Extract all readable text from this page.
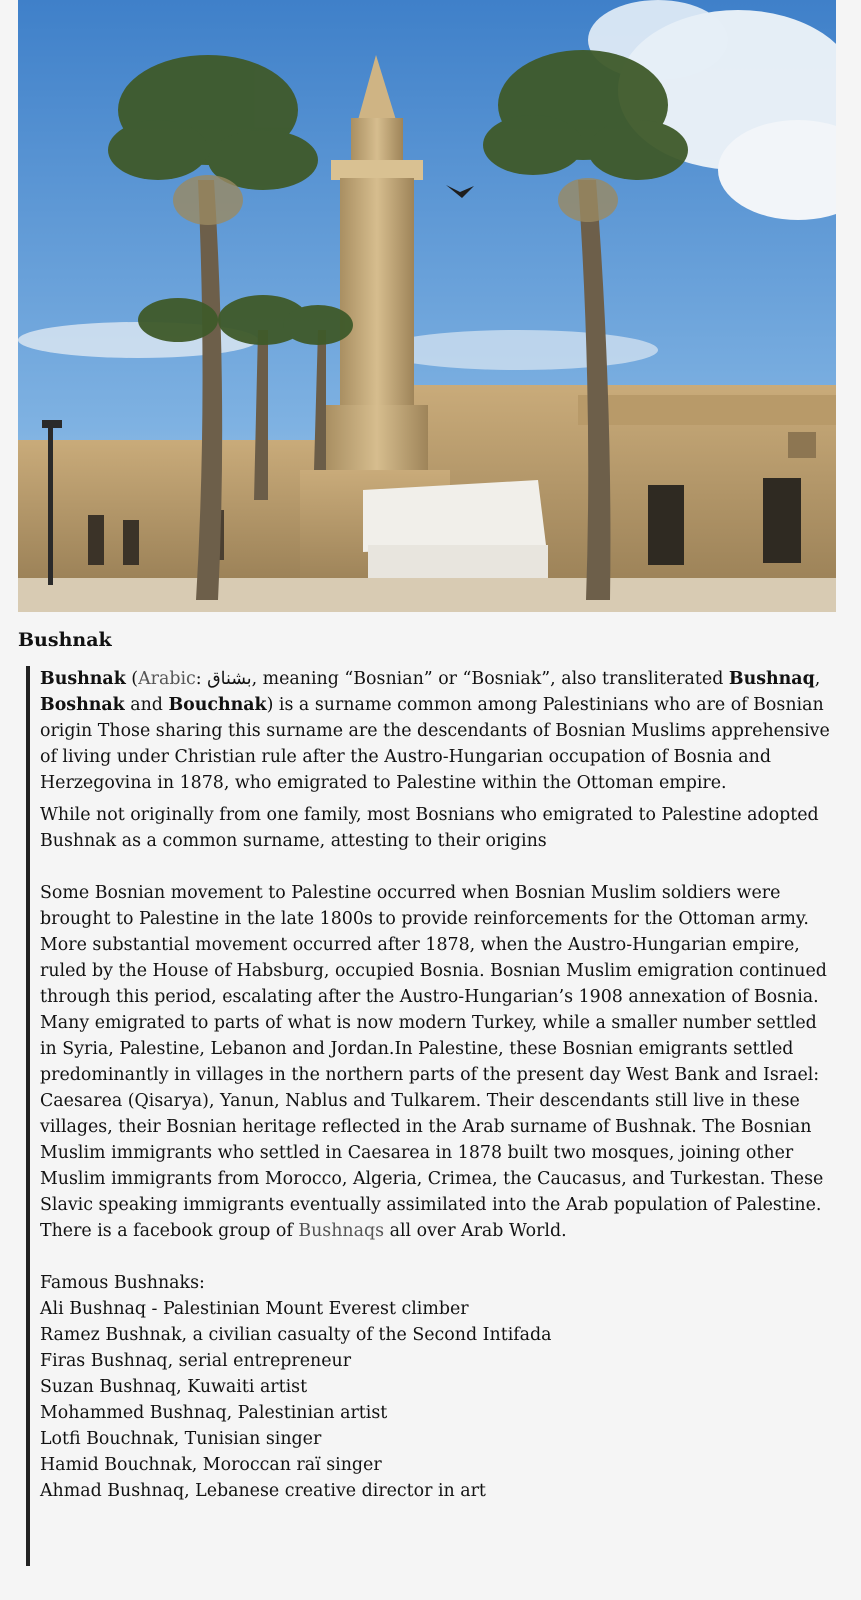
Bushnak

Bushnak (Arabic: بشناق, meaning “Bosnian” or “Bosniak”, also transliterated Bushnaq, Boshnak and Bouchnak) is a surname common among Palestinians who are of Bosnian origin Those sharing this surname are the descendants of Bosnian Muslims apprehensive of living under Christian rule after the Austro-Hungarian occupation of Bosnia and Herzegovina in 1878, who emigrated to Palestine within the Ottoman empire.

While not originally from one family, most Bosnians who emigrated to Palestine adopted Bushnak as a common surname, attesting to their origins

Some Bosnian movement to Palestine occurred when Bosnian Muslim soldiers were brought to Palestine in the late 1800s to provide reinforcements for the Ottoman army. More substantial movement occurred after 1878, when the Austro-Hungarian empire, ruled by the House of Habsburg, occupied Bosnia. Bosnian Muslim emigration continued through this period, escalating after the Austro-Hungarian’s 1908 annexation of Bosnia. Many emigrated to parts of what is now modern Turkey, while a smaller number settled in Syria, Palestine, Lebanon and Jordan.In Palestine, these Bosnian emigrants settled predominantly in villages in the northern parts of the present day West Bank and Israel: Caesarea (Qisarya), Yanun, Nablus and Tulkarem. Their descendants still live in these villages, their Bosnian heritage reflected in the Arab surname of Bushnak. The Bosnian Muslim immigrants who settled in Caesarea in 1878 built two mosques, joining other Muslim immigrants from Morocco, Algeria, Crimea, the Caucasus, and Turkestan. These Slavic speaking immigrants eventually assimilated into the Arab population of Palestine. There is a facebook group of Bushnaqs all over Arab World.

Famous Bushnaks:
Ali Bushnaq - Palestinian Mount Everest climber
Ramez Bushnak, a civilian casualty of the Second Intifada
Firas Bushnaq, serial entrepreneur
Suzan Bushnaq, Kuwaiti artist
Mohammed Bushnaq, Palestinian artist
Lotfi Bouchnak, Tunisian singer
Hamid Bouchnak, Moroccan raï singer
Ahmad Bushnaq, Lebanese creative director in art
